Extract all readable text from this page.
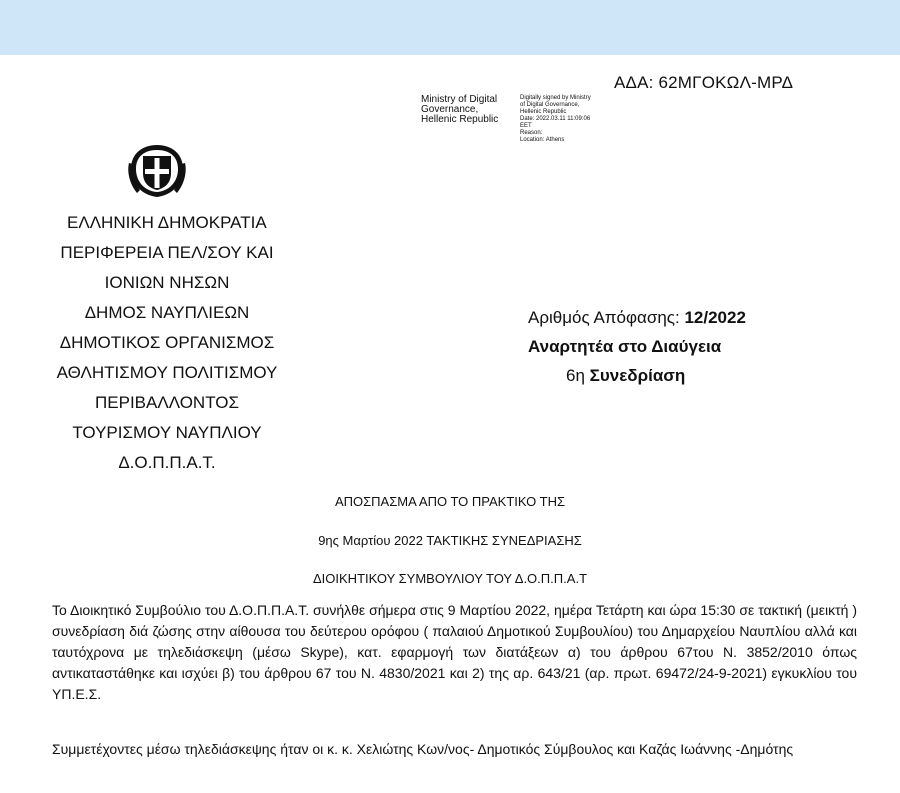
ΑΔΑ: 62ΜΓΟΚΩΛ-ΜΡΔ
Ministry of Digital
Governance,
Hellenic Republic
Digitally signed by Ministry
of Digital Governance,
Hellenic Republic
Date: 2022.03.11 11:09:06
EET
Reason:
Location: Athens
ΕΛΛΗΝΙΚΗ ΔΗΜΟΚΡΑΤΙΑ
ΠΕΡΙΦΕΡΕΙΑ ΠΕΛ/ΣΟΥ ΚΑΙ
ΙΟΝΙΩΝ ΝΗΣΩΝ
ΔΗΜΟΣ ΝΑΥΠΛΙΕΩΝ
ΔΗΜΟΤΙΚΟΣ ΟΡΓΑΝΙΣΜΟΣ
ΑΘΛΗΤΙΣΜΟΥ ΠΟΛΙΤΙΣΜΟΥ
ΠΕΡΙΒΑΛΛΟΝΤΟΣ
ΤΟΥΡΙΣΜΟΥ ΝΑΥΠΛΙΟΥ
Δ.Ο.Π.Π.Α.Τ.
Αριθμός Απόφασης: 12/2022
Αναρτητέα στο Διαύγεια
6η Συνεδρίαση
ΑΠΟΣΠΑΣΜΑ ΑΠΟ ΤΟ ΠΡΑΚΤΙΚΟ ΤΗΣ
9ης Μαρτίου 2022 ΤΑΚΤΙΚΗΣ ΣΥΝΕΔΡΙΑΣΗΣ
ΔΙΟΙΚΗΤΙΚΟΥ ΣΥΜΒΟΥΛΙΟΥ ΤΟΥ Δ.Ο.Π.Π.Α.Τ
Το Διοικητικό Συμβούλιο του Δ.Ο.Π.Π.Α.Τ. συνήλθε σήμερα στις 9 Μαρτίου 2022, ημέρα Τετάρτη και ώρα 15:30 σε τακτική (μεικτή ) συνεδρίαση διά ζώσης στην αίθουσα του δεύτερου ορόφου ( παλαιού Δημοτικού Συμβουλίου) του Δημαρχείου Ναυπλίου αλλά και ταυτόχρονα με τηλεδιάσκεψη (μέσω Skype), κατ. εφαρμογή των διατάξεων α) του άρθρου 67του Ν. 3852/2010 όπως αντικαταστάθηκε και ισχύει β) του άρθρου 67 του Ν. 4830/2021 και 2) της αρ. 643/21 (αρ. πρωτ. 69472/24-9-2021) εγκυκλίου του ΥΠ.Ε.Σ.
Συμμετέχοντες μέσω τηλεδιάσκεψης ήταν οι κ. κ. Χελιώτης Κων/νος- Δημοτικός Σύμβουλος και Καζάς Ιωάννης -Δημότης
